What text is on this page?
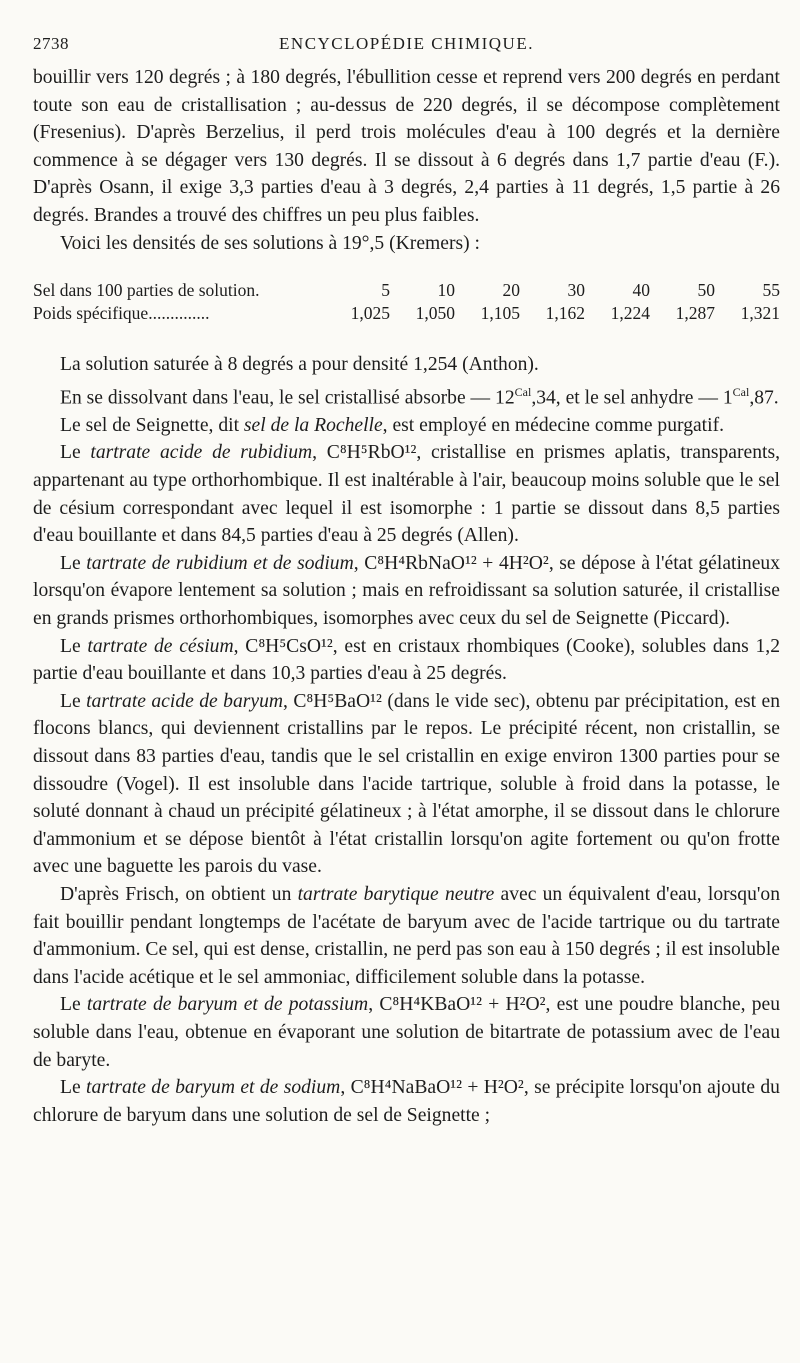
2738	ENCYCLOPÉDIE CHIMIQUE.

bouillir vers 120 degrés ; à 180 degrés, l'ébullition cesse et reprend vers 200 degrés en perdant toute son eau de cristallisation ; au-dessus de 220 degrés, il se décompose complètement (Fresenius). D'après Berzelius, il perd trois molécules d'eau à 100 degrés et la dernière commence à se dégager vers 130 degrés. Il se dissout à 6 degrés dans 1,7 partie d'eau (F.). D'après Osann, il exige 3,3 parties d'eau à 3 degrés, 2,4 parties à 11 degrés, 1,5 partie à 26 degrés. Brandes a trouvé des chiffres un peu plus faibles.

Voici les densités de ses solutions à 19°,5 (Kremers) :

Sel dans 100 parties de solution.	5	10	20	30	40	50	55
Poids spécifique..............	1,025	1,050	1,105	1,162	1,224	1,287	1,321

La solution saturée à 8 degrés a pour densité 1,254 (Anthon).

En se dissolvant dans l'eau, le sel cristallisé absorbe — $12^{Cal},34$, et le sel anhydre — $1^{Cal},87$.

Le sel de Seignette, dit sel de la Rochelle, est employé en médecine comme purgatif.

Le tartrate acide de rubidium, C⁸H⁵RbO¹², cristallise en prismes aplatis, transparents, appartenant au type orthorhombique. Il est inaltérable à l'air, beaucoup moins soluble que le sel de césium correspondant avec lequel il est isomorphe : 1 partie se dissout dans 8,5 parties d'eau bouillante et dans 84,5 parties d'eau à 25 degrés (Allen).

Le tartrate de rubidium et de sodium, C⁸H⁴RbNaO¹² + 4H²O², se dépose à l'état gélatineux lorsqu'on évapore lentement sa solution ; mais en refroidissant sa solution saturée, il cristallise en grands prismes orthorhombiques, isomorphes avec ceux du sel de Seignette (Piccard).

Le tartrate de césium, C⁸H⁵CsO¹², est en cristaux rhombiques (Cooke), solubles dans 1,2 partie d'eau bouillante et dans 10,3 parties d'eau à 25 degrés.

Le tartrate acide de baryum, C⁸H⁵BaO¹² (dans le vide sec), obtenu par précipitation, est en flocons blancs, qui deviennent cristallins par le repos. Le précipité récent, non cristallin, se dissout dans 83 parties d'eau, tandis que le sel cristallin en exige environ 1300 parties pour se dissoudre (Vogel). Il est insoluble dans l'acide tartrique, soluble à froid dans la potasse, le soluté donnant à chaud un précipité gélatineux ; à l'état amorphe, il se dissout dans le chlorure d'ammonium et se dépose bientôt à l'état cristallin lorsqu'on agite fortement ou qu'on frotte avec une baguette les parois du vase.

D'après Frisch, on obtient un tartrate barytique neutre avec un équivalent d'eau, lorsqu'on fait bouillir pendant longtemps de l'acétate de baryum avec de l'acide tartrique ou du tartrate d'ammonium. Ce sel, qui est dense, cristallin, ne perd pas son eau à 150 degrés ; il est insoluble dans l'acide acétique et le sel ammoniac, difficilement soluble dans la potasse.

Le tartrate de baryum et de potassium, C⁸H⁴KBaO¹² + H²O², est une poudre blanche, peu soluble dans l'eau, obtenue en évaporant une solution de bitartrate de potassium avec de l'eau de baryte.

Le tartrate de baryum et de sodium, C⁸H⁴NaBaO¹² + H²O², se précipite lorsqu'on ajoute du chlorure de baryum dans une solution de sel de Seignette ;
